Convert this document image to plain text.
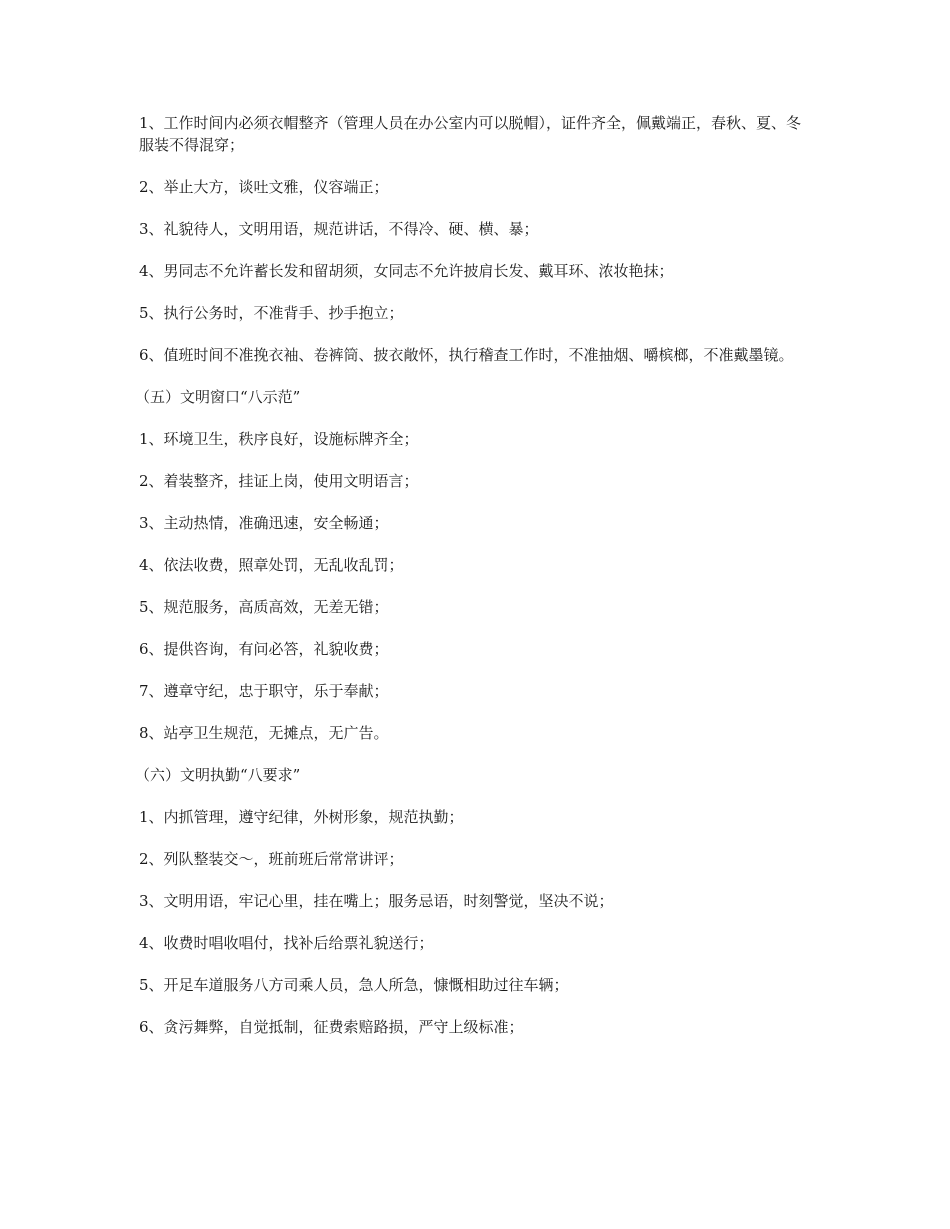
1、工作时间内必须衣帽整齐（管理人员在办公室内可以脱帽），证件齐全，佩戴端正，春秋、夏、冬服装不得混穿；

2、举止大方，谈吐文雅，仪容端正；

3、礼貌待人，文明用语，规范讲话，不得冷、硬、横、暴；

4、男同志不允许蓄长发和留胡须，女同志不允许披肩长发、戴耳环、浓妆艳抹；

5、执行公务时，不准背手、抄手抱立；

6、值班时间不准挽衣袖、卷裤筒、披衣敞怀，执行稽查工作时，不准抽烟、嚼槟榔，不准戴墨镜。

（五）文明窗口“八示范”

1、环境卫生，秩序良好，设施标牌齐全；

2、着装整齐，挂证上岗，使用文明语言；

3、主动热情，准确迅速，安全畅通；

4、依法收费，照章处罚，无乱收乱罚；

5、规范服务，高质高效，无差无错；

6、提供咨询，有问必答，礼貌收费；

7、遵章守纪，忠于职守，乐于奉献；

8、站亭卫生规范，无摊点，无广告。

（六）文明执勤“八要求”

1、内抓管理，遵守纪律，外树形象，规范执勤；

2、列队整装交～，班前班后常常讲评；

3、文明用语，牢记心里，挂在嘴上；服务忌语，时刻警觉，坚决不说；

4、收费时唱收唱付，找补后给票礼貌送行；

5、开足车道服务八方司乘人员，急人所急，慷慨相助过往车辆；

6、贪污舞弊，自觉抵制，征费索赔路损，严守上级标准；
